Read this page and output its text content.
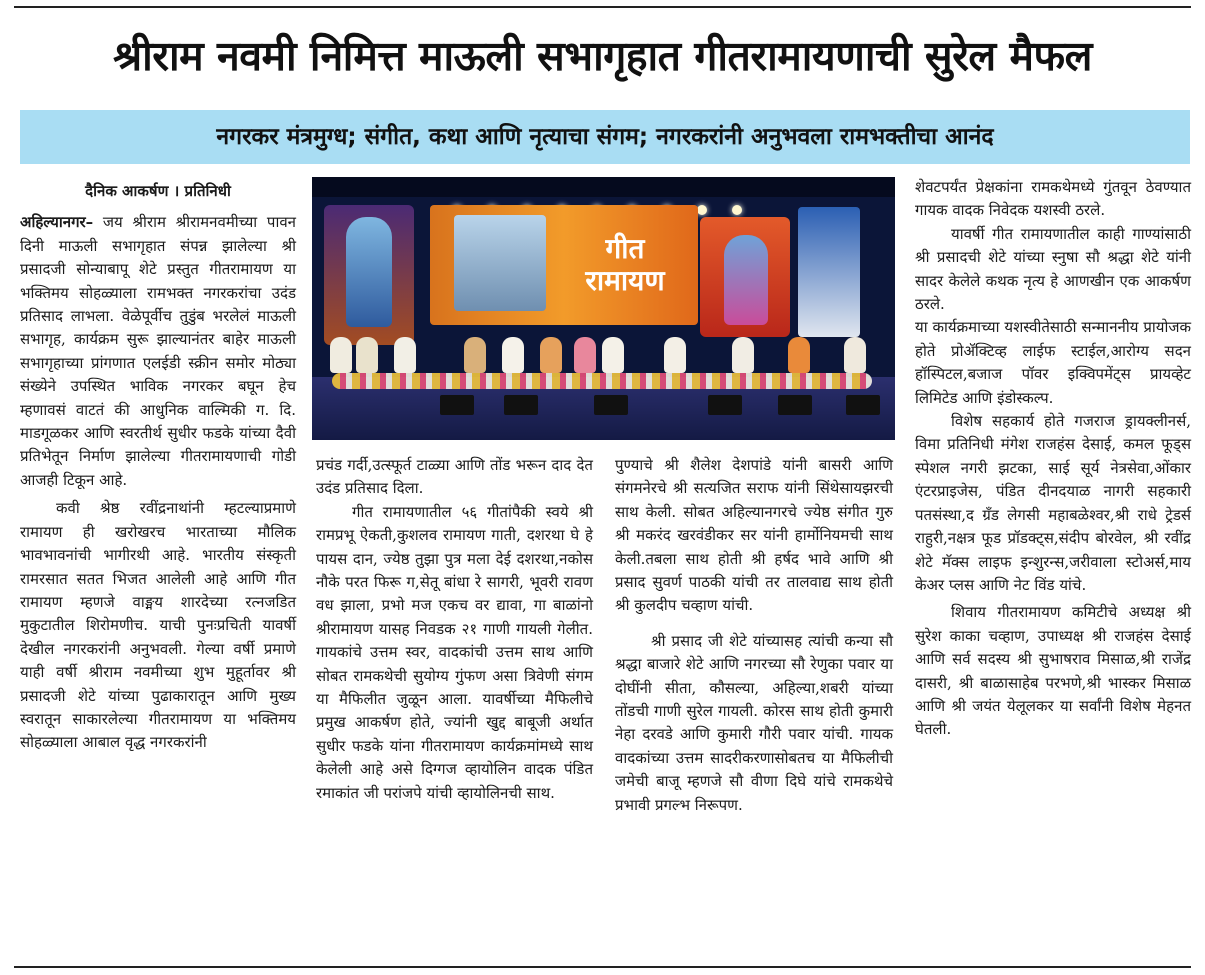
श्रीराम नवमी निमित्त माऊली सभागृहात गीतरामायणाची सुरेल मैफल
नगरकर मंत्रमुग्ध; संगीत, कथा आणि नृत्याचा संगम; नगरकरांनी अनुभवला रामभक्तीचा आनंद

दैनिक आकर्षण । प्रतिनिधी

अहिल्यानगर– जय श्रीराम श्रीरामनवमीच्या पावन दिनी माऊली सभागृहात संपन्न झालेल्या श्री प्रसादजी सोन्याबापू शेटे प्रस्तुत गीतरामायण या भक्तिमय सोहळ्याला रामभक्त नगरकरांचा उदंड प्रतिसाद लाभला. वेळेपूर्वीच तुडुंब भरलेलं माऊली सभागृह, कार्यक्रम सुरू झाल्यानंतर बाहेर माऊली सभागृहाच्या प्रांगणात एलईडी स्क्रीन समोर मोठ्या संख्येने उपस्थित भाविक नगरकर बघून हेच म्हणावसं वाटतं की आधुनिक वाल्मिकी ग. दि. माडगूळकर आणि स्वरतीर्थ सुधीर फडके यांच्या दैवी प्रतिभेतून निर्माण झालेल्या गीतरामायणाची गोडी आजही टिकून आहे.

कवी श्रेष्ठ रवींद्रनाथांनी म्हटल्याप्रमाणे रामायण ही खरोखरच भारताच्या मौलिक भावभावनांची भागीरथी आहे. भारतीय संस्कृती रामरसात सतत भिजत आलेली आहे आणि गीत रामायण म्हणजे वाङ्मय शारदेच्या रत्नजडित मुकुटातील शिरोमणीच. याची पुनःप्रचिती यावर्षी देखील नगरकरांनी अनुभवली. गेल्या वर्षी प्रमाणे याही वर्षी श्रीराम नवमीच्या शुभ मुहूर्तावर श्री प्रसादजी शेटे यांच्या पुढाकारातून आणि मुख्य स्वरातून साकारलेल्या गीतरामायण या भक्तिमय सोहळ्याला आबाल वृद्ध नगरकरांनी

गीत रामायण

प्रचंड गर्दी,उत्स्फूर्त टाळ्या आणि तोंड भरून दाद देत उदंड प्रतिसाद दिला.

गीत रामायणातील ५६ गीतांपैकी स्वये श्री रामप्रभू ऐकती,कुशलव रामायण गाती, दशरथा घे हे पायस दान, ज्येष्ठ तुझा पुत्र मला देई दशरथा,नकोस नौके परत फिरू ग,सेतू बांधा रे सागरी, भूवरी रावण वध झाला, प्रभो मज एकच वर द्यावा, गा बाळांनो श्रीरामायण यासह निवडक २१ गाणी गायली गेलीत. गायकांचे उत्तम स्वर, वादकांची उत्तम साथ आणि सोबत रामकथेची सुयोग्य गुंफण असा त्रिवेणी संगम या मैफिलीत जुळून आला. यावर्षीच्या मैफिलीचे प्रमुख आकर्षण होते, ज्यांनी खुद्द बाबूजी अर्थात सुधीर फडके यांना गीतरामायण कार्यक्रमांमध्ये साथ केलेली आहे असे दिग्गज व्हायोलिन वादक पंडित रमाकांत जी परांजपे यांची व्हायोलिनची साथ.

पुण्याचे श्री शैलेश देशपांडे यांनी बासरी आणि संगमनेरचे श्री सत्यजित सराफ यांनी सिंथेसायझरची साथ केली. सोबत अहिल्यानगरचे ज्येष्ठ संगीत गुरु श्री मकरंद खरवंडीकर सर यांनी हार्मोनियमची साथ केली.तबला साथ होती श्री हर्षद भावे आणि श्री प्रसाद सुवर्ण पाठकी यांची तर तालवाद्य साथ होती श्री कुलदीप चव्हाण यांची.

श्री प्रसाद जी शेटे यांच्यासह त्यांची कन्या सौ श्रद्धा बाजारे शेटे आणि नगरच्या सौ रेणुका पवार या दोघींनी सीता, कौसल्या, अहिल्या,शबरी यांच्या तोंडची गाणी सुरेल गायली. कोरस साथ होती कुमारी नेहा दरवडे आणि कुमारी गौरी पवार यांची. गायक वादकांच्या उत्तम सादरीकरणासोबतच या मैफिलीची जमेची बाजू म्हणजे सौ वीणा दिघे यांचे रामकथेचे प्रभावी प्रगल्भ निरूपण.

शेवटपर्यंत प्रेक्षकांना रामकथेमध्ये गुंतवून ठेवण्यात गायक वादक निवेदक यशस्वी ठरले.

यावर्षी गीत रामायणातील काही गाण्यांसाठी श्री प्रसादची शेटे यांच्या स्नुषा सौ श्रद्धा शेटे यांनी सादर केलेले कथक नृत्य हे आणखीन एक आकर्षण ठरले.

या कार्यक्रमाच्या यशस्वीतेसाठी सन्माननीय प्रायोजक होते प्रोॲक्टिव्ह लाईफ स्टाईल,आरोग्य सदन हॉस्पिटल,बजाज पॉवर इक्विपमेंट्स प्रायव्हेट लिमिटेड आणि इंडोस्कल्प.

विशेष सहकार्य होते गजराज ड्रायक्लीनर्स, विमा प्रतिनिधी मंगेश राजहंस देसाई, कमल फूड्स स्पेशल नगरी झटका, साई सूर्य नेत्रसेवा,ओंकार एंटरप्राइजेस, पंडित दीनदयाळ नागरी सहकारी पतसंस्था,द ग्रँड लेगसी महाबळेश्वर,श्री राधे ट्रेडर्स राहुरी,नक्षत्र फूड प्रॉडक्ट्स,संदीप बोरवेल, श्री रवींद्र शेटे मॅक्स लाइफ इन्शुरन्स,जरीवाला स्टोअर्स,माय केअर प्लस आणि नेट विंड यांचे.

शिवाय गीतरामायण कमिटीचे अध्यक्ष श्री सुरेश काका चव्हाण, उपाध्यक्ष श्री राजहंस देसाई आणि सर्व सदस्य श्री सुभाषराव मिसाळ,श्री राजेंद्र दासरी, श्री बाळासाहेब परभणे,श्री भास्कर मिसाळ आणि श्री जयंत येलूलकर या सर्वांनी विशेष मेहनत घेतली.
